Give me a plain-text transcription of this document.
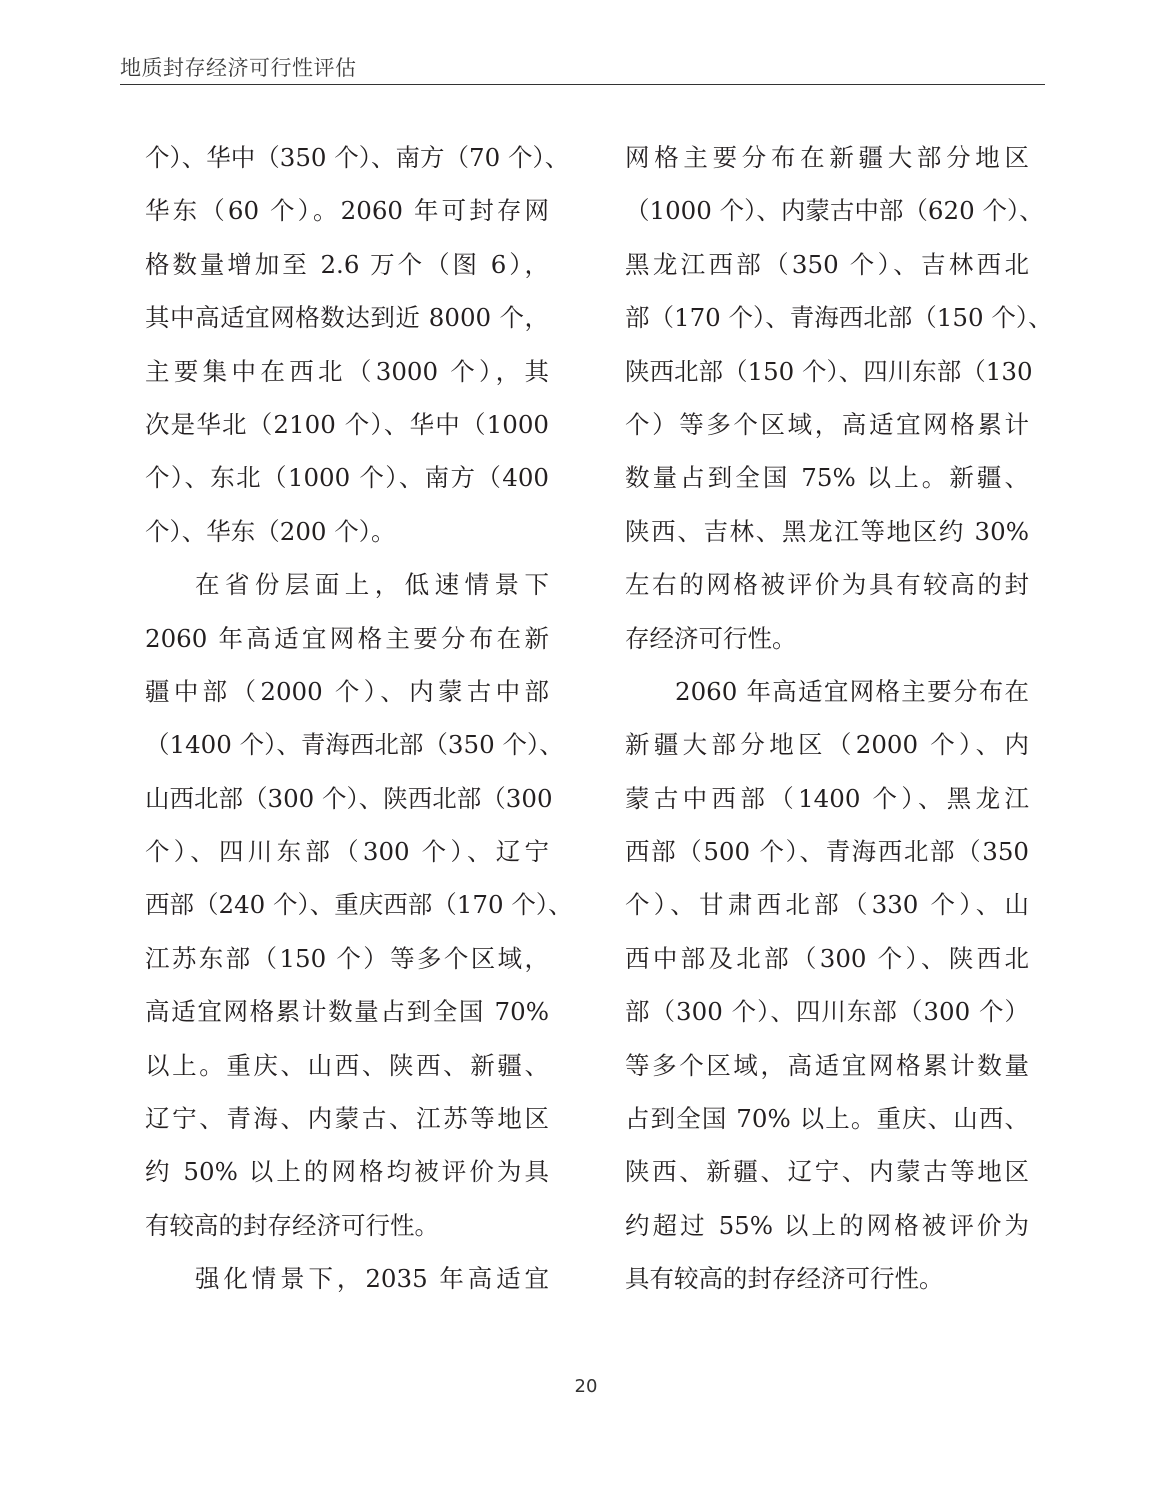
地质封存经济可行性评估
个）、华中（350 个）、南方（70 个）、
华东（60 个）。2060 年可封存网
格数量增加至 2.6 万个（图 6），
其中高适宜网格数达到近 8000 个，
主要集中在西北（3000 个），其
次是华北（2100 个）、华中（1000
个）、东北（1000 个）、南方（400
个）、华东（200 个）。
在省份层面上，低速情景下
2060 年高适宜网格主要分布在新
疆中部（2000 个）、内蒙古中部
（1400 个）、青海西北部（350 个）、
山西北部（300 个）、陕西北部（300
个）、四川东部（300 个）、辽宁
西部（240 个）、重庆西部（170 个）、
江苏东部（150 个）等多个区域，
高适宜网格累计数量占到全国 70%
以上。重庆、山西、陕西、新疆、
辽宁、青海、内蒙古、江苏等地区
约 50% 以上的网格均被评价为具
有较高的封存经济可行性。
强化情景下，2035 年高适宜
网格主要分布在新疆大部分地区
（1000 个）、内蒙古中部（620 个）、
黑龙江西部（350 个）、吉林西北
部（170 个）、青海西北部（150 个）、
陕西北部（150 个）、四川东部（130
个）等多个区域，高适宜网格累计
数量占到全国 75% 以上。新疆、
陕西、吉林、黑龙江等地区约 30%
左右的网格被评价为具有较高的封
存经济可行性。
2060 年高适宜网格主要分布在
新疆大部分地区（2000 个）、内
蒙古中西部（1400 个）、黑龙江
西部（500 个）、青海西北部（350
个）、甘肃西北部（330 个）、山
西中部及北部（300 个）、陕西北
部（300 个）、四川东部（300 个）
等多个区域，高适宜网格累计数量
占到全国 70% 以上。重庆、山西、
陕西、新疆、辽宁、内蒙古等地区
约超过 55% 以上的网格被评价为
具有较高的封存经济可行性。
20
